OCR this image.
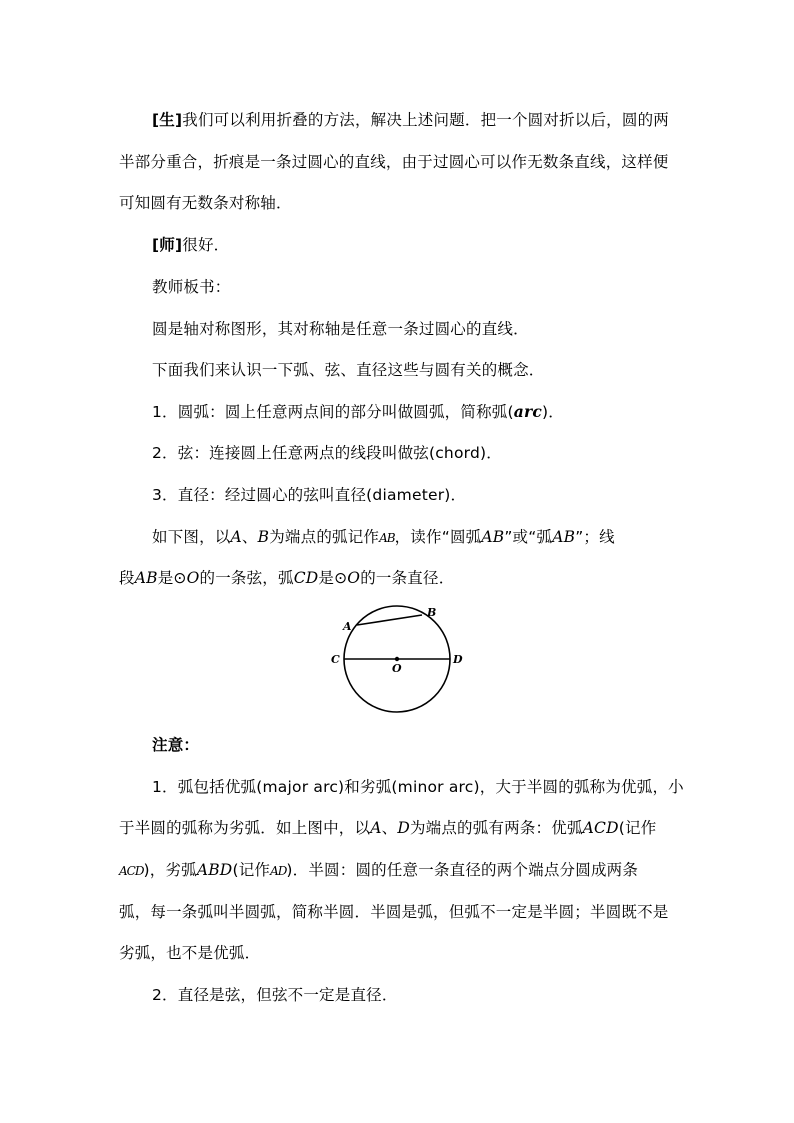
[生]我们可以利用折叠的方法，解决上述问题．把一个圆对折以后，圆的两
半部分重合，折痕是一条过圆心的直线，由于过圆心可以作无数条直线，这样便
可知圆有无数条对称轴．
[师]很好．
教师板书：
圆是轴对称图形，其对称轴是任意一条过圆心的直线．
下面我们来认识一下弧、弦、直径这些与圆有关的概念．
1．圆弧：圆上任意两点间的部分叫做圆弧，简称弧(arc)．
2．弦：连接圆上任意两点的线段叫做弦(chord)．
3．直径：经过圆心的弦叫直径(diameter)．
如下图，以A、B为端点的弧记作AB，读作“圆弧AB”或“弧AB”；线
段AB是⊙O的一条弦，弧CD是⊙O的一条直径．
A
B
C	D
O
注意：
1．弧包括优弧(major arc)和劣弧(minor arc)，大于半圆的弧称为优弧，小
于半圆的弧称为劣弧．如上图中，以A、D为端点的弧有两条：优弧ACD(记作
ACD)，劣弧ABD(记作AD)．半圆：圆的任意一条直径的两个端点分圆成两条
弧，每一条弧叫半圆弧，简称半圆．半圆是弧，但弧不一定是半圆；半圆既不是
劣弧，也不是优弧．
2．直径是弦，但弦不一定是直径．
